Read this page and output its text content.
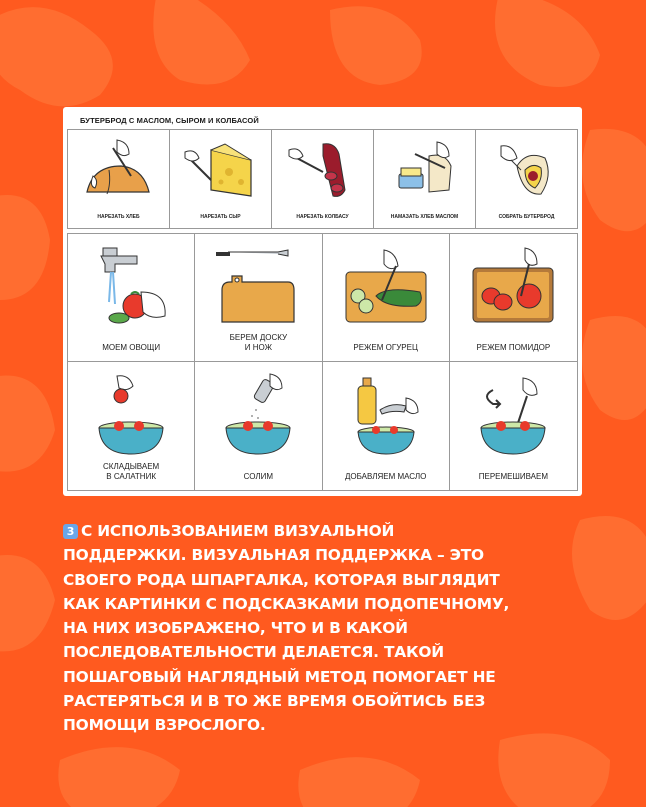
БУТЕРБРОД С МАСЛОМ, СЫРОМ И КОЛБАСОЙ
НАРЕЗАТЬ ХЛЕБ	НАРЕЗАТЬ СЫР	НАРЕЗАТЬ КОЛБАСУ	НАМАЗАТЬ ХЛЕБ МАСЛОМ	СОБРАТЬ БУТЕРБРОД
МОЕМ ОВОЩИ
БЕРЕМ ДОСКУ
И НОЖ	РЕЖЕМ ОГУРЕЦ	РЕЖЕМ ПОМИДОР
СКЛАДЫВАЕМ
В САЛАТНИК	СОЛИМ	ДОБАВЛЯЕМ МАСЛО	ПЕРЕМЕШИВАЕМ
3 С ИСПОЛЬЗОВАНИЕМ ВИЗУАЛЬНОЙ
ПОДДЕРЖКИ. ВИЗУАЛЬНАЯ ПОДДЕРЖКА – ЭТО
СВОЕГО РОДА ШПАРГАЛКА, КОТОРАЯ ВЫГЛЯДИТ
КАК КАРТИНКИ С ПОДСКАЗКАМИ ПОДОПЕЧНОМУ,
НА НИХ ИЗОБРАЖЕНО, ЧТО И В КАКОЙ
ПОСЛЕДОВАТЕЛЬНОСТИ ДЕЛАЕТСЯ. ТАКОЙ
ПОШАГОВЫЙ НАГЛЯДНЫЙ МЕТОД ПОМОГАЕТ НЕ
РАСТЕРЯТЬСЯ И В ТО ЖЕ ВРЕМЯ ОБОЙТИСЬ БЕЗ
ПОМОЩИ ВЗРОСЛОГО.
